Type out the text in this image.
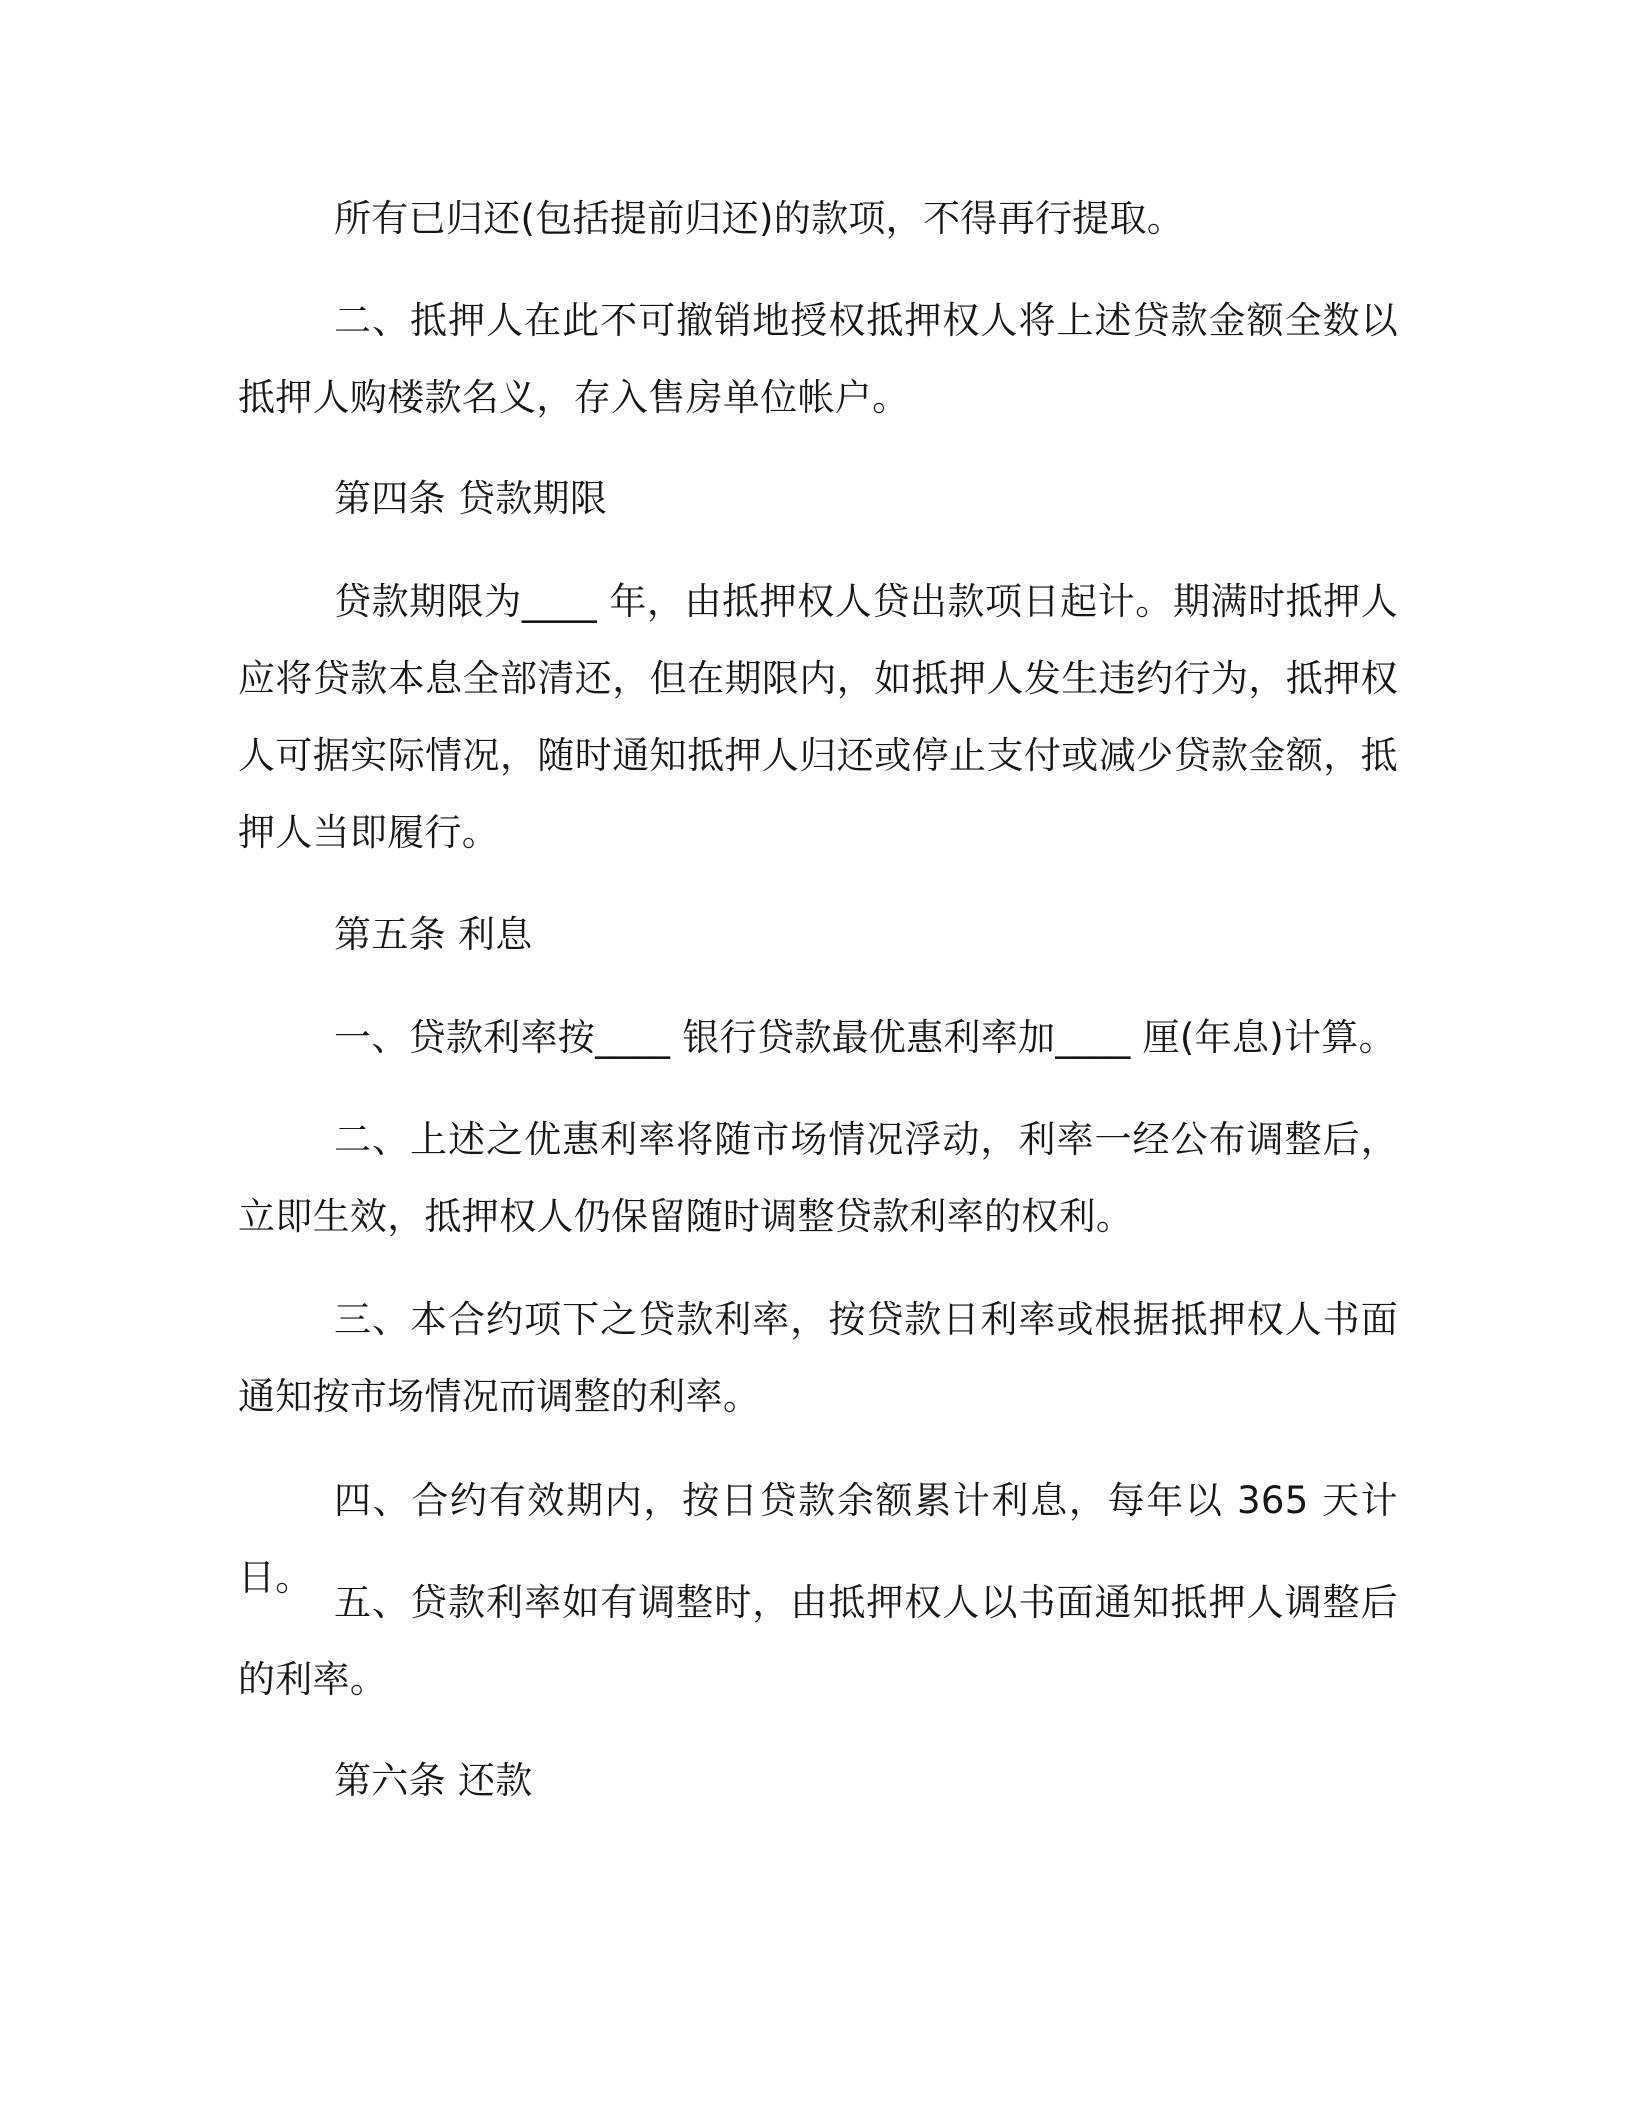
所有已归还(包括提前归还)的款项，不得再行提取。

二、抵押人在此不可撤销地授权抵押权人将上述贷款金额全数以抵押人购楼款名义，存入售房单位帐户。

第四条 贷款期限

贷款期限为____ 年，由抵押权人贷出款项日起计。期满时抵押人应将贷款本息全部清还，但在期限内，如抵押人发生违约行为，抵押权人可据实际情况，随时通知抵押人归还或停止支付或减少贷款金额，抵押人当即履行。

第五条 利息

一、贷款利率按____ 银行贷款最优惠利率加____ 厘(年息)计算。

二、上述之优惠利率将随市场情况浮动，利率一经公布调整后，立即生效，抵押权人仍保留随时调整贷款利率的权利。

三、本合约项下之贷款利率，按贷款日利率或根据抵押权人书面通知按市场情况而调整的利率。

四、合约有效期内，按日贷款余额累计利息，每年以 365 天计日。

五、贷款利率如有调整时，由抵押权人以书面通知抵押人调整后的利率。

第六条 还款
